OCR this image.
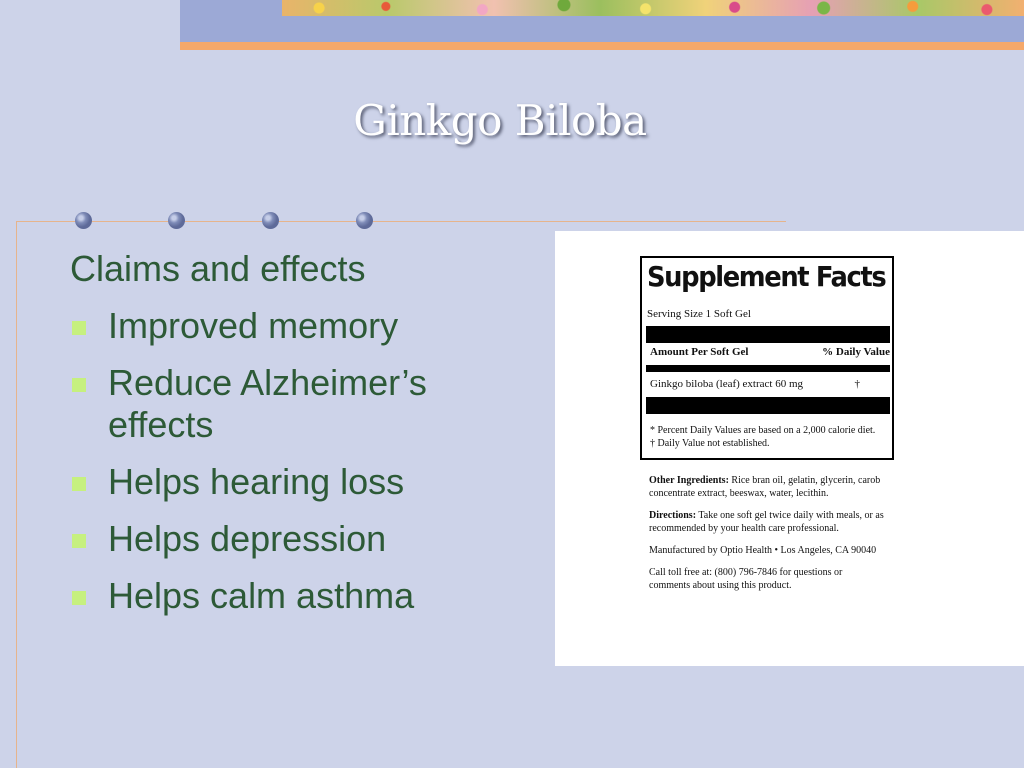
Ginkgo Biloba
Claims and effects
Improved memory
Reduce Alzheimer’s effects
Helps hearing loss
Helps depression
Helps calm asthma
Supplement Facts
Serving Size 1 Soft Gel
Amount Per Soft Gel	% Daily Value
Ginkgo biloba (leaf) extract 60 mg	†
* Percent Daily Values are based on a 2,000 calorie diet.
† Daily Value not established.

Other Ingredients: Rice bran oil, gelatin, glycerin, carob concentrate extract, beeswax, water, lecithin.

Directions: Take one soft gel twice daily with meals, or as recommended by your health care professional.

Manufactured by Optio Health • Los Angeles, CA 90040

Call toll free at: (800) 796-7846 for questions or comments about using this product.
